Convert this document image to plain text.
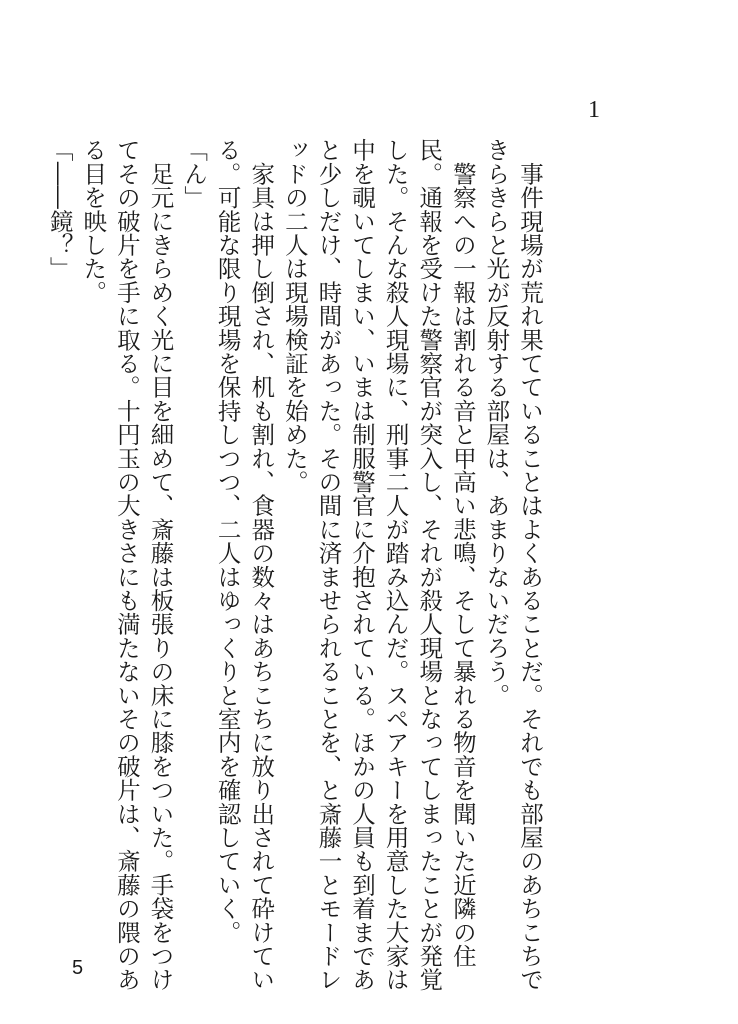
1

　事件現場が荒れ果てていることはよくあることだ。それでも部屋のあちこちできらきらと光が反射する部屋は、あまりないだろう。

　警察への一報は割れる音と甲高い悲鳴、そして暴れる物音を聞いた近隣の住民。通報を受けた警察官が突入し、それが殺人現場となってしまったことが発覚した。そんな殺人現場に、刑事二人が踏み込んだ。スペアキーを用意した大家は中を覗いてしまい、いまは制服警官に介抱されている。ほかの人員も到着まであと少しだけ、時間があった。その間に済ませられることを、と斎藤一とモードレッドの二人は現場検証を始めた。

　家具は押し倒され、机も割れ、食器の数々はあちこちに放り出されて砕けている。可能な限り現場を保持しつつ、二人はゆっくりと室内を確認していく。

「ん」

　足元にきらめく光に目を細めて、斎藤は板張りの床に膝をついた。手袋をつけてその破片を手に取る。十円玉の大きさにも満たないその破片は、斎藤の隈のある目を映した。

「――鏡？」

5
